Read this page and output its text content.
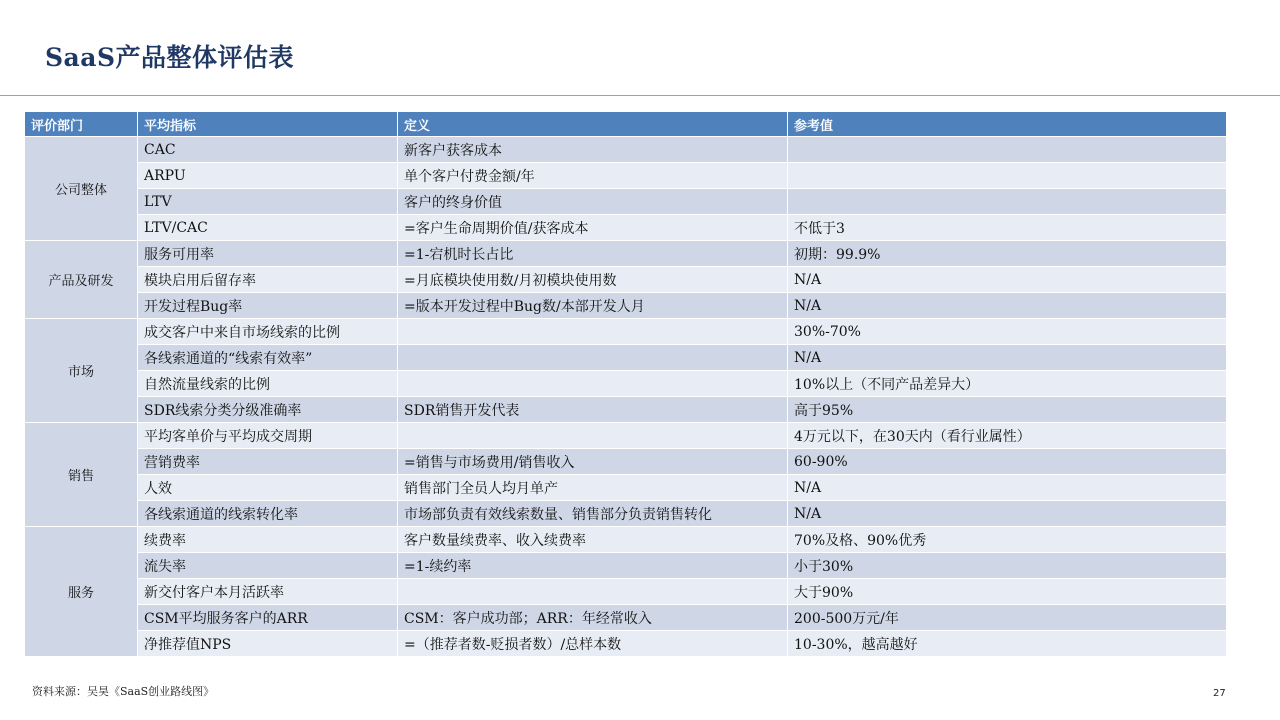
SaaS产品整体评估表
评价部门	平均指标	定义	参考值
公司整体	CAC	新客户获客成本	
	ARPU	单个客户付费金额/年	
	LTV	客户的终身价值	
	LTV/CAC	=客户生命周期价值/获客成本	不低于3
产品及研发	服务可用率	=1-宕机时长占比	初期：99.9%
	模块启用后留存率	=月底模块使用数/月初模块使用数	N/A
	开发过程Bug率	=版本开发过程中Bug数/本部开发人月	N/A
市场	成交客户中来自市场线索的比例		30%-70%
	各线索通道的“线索有效率”		N/A
	自然流量线索的比例		10%以上（不同产品差异大）
	SDR线索分类分级准确率	SDR销售开发代表	高于95%
销售	平均客单价与平均成交周期		4万元以下，在30天内（看行业属性）
	营销费率	=销售与市场费用/销售收入	60-90%
	人效	销售部门全员人均月单产	N/A
	各线索通道的线索转化率	市场部负责有效线索数量、销售部分负责销售转化	N/A
服务	续费率	客户数量续费率、收入续费率	70%及格、90%优秀
	流失率	=1-续约率	小于30%
	新交付客户本月活跃率		大于90%
	CSM平均服务客户的ARR	CSM：客户成功部；ARR：年经常收入	200-500万元/年
	净推荐值NPS	=（推荐者数-贬损者数）/总样本数	10-30%，越高越好
资料来源：吴昊《SaaS创业路线图》	27
